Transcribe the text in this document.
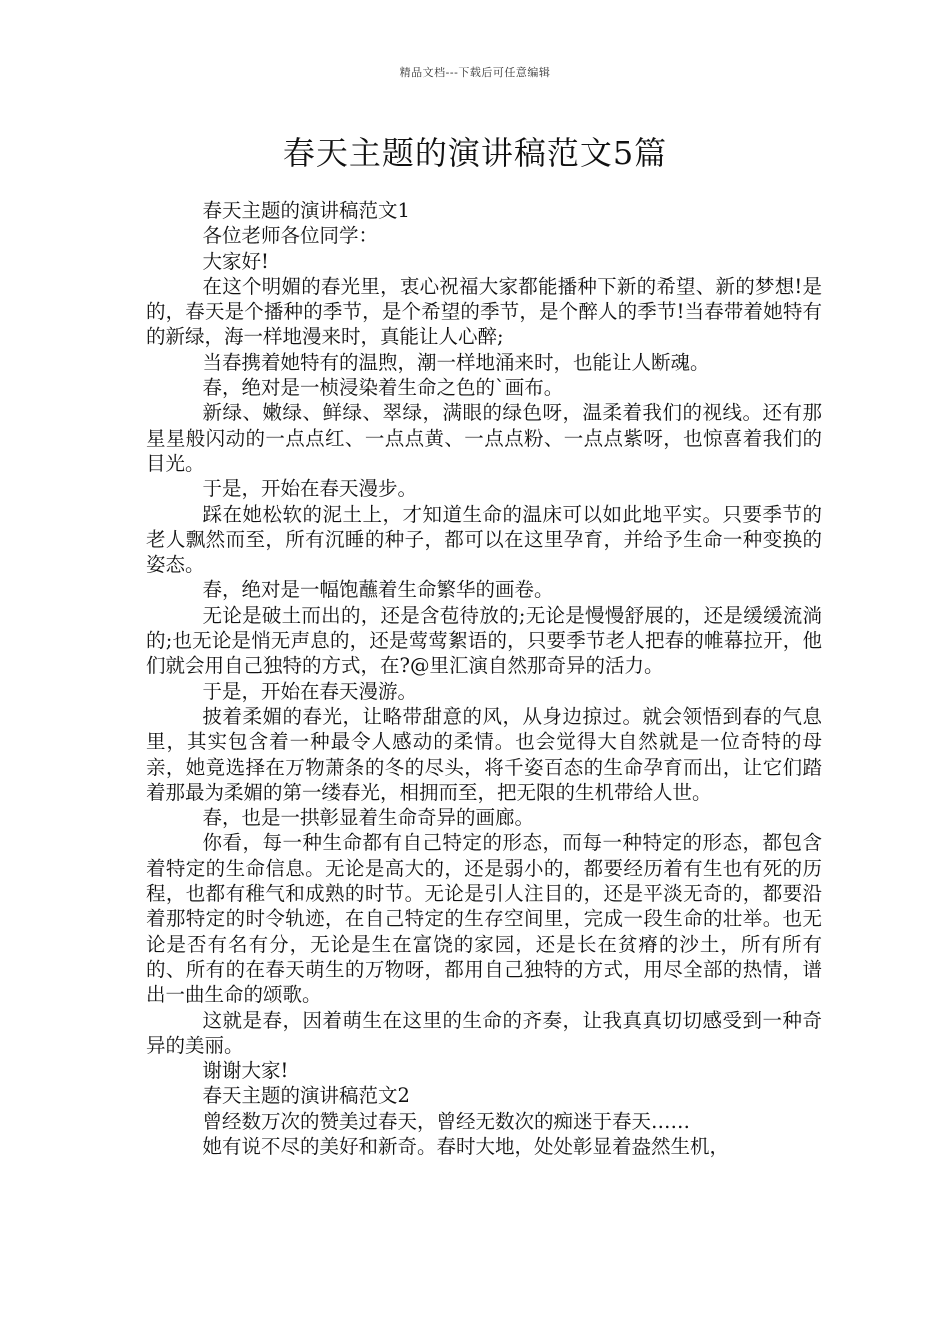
精品文档---下载后可任意编辑
春天主题的演讲稿范文5篇

春天主题的演讲稿范文1

各位老师各位同学：

大家好!

在这个明媚的春光里，衷心祝福大家都能播种下新的希望、新的梦想!是的，春天是个播种的季节，是个希望的季节，是个醉人的季节!当春带着她特有的新绿，海一样地漫来时，真能让人心醉;

当春携着她特有的温煦，潮一样地涌来时，也能让人断魂。

春，绝对是一桢浸染着生命之色的`画布。

新绿、嫩绿、鲜绿、翠绿，满眼的绿色呀，温柔着我们的视线。还有那星星般闪动的一点点红、一点点黄、一点点粉、一点点紫呀，也惊喜着我们的目光。

于是，开始在春天漫步。

踩在她松软的泥土上，才知道生命的温床可以如此地平实。只要季节的老人飘然而至，所有沉睡的种子，都可以在这里孕育，并给予生命一种变换的姿态。

春，绝对是一幅饱蘸着生命繁华的画卷。

无论是破土而出的，还是含苞待放的;无论是慢慢舒展的，还是缓缓流淌的;也无论是悄无声息的，还是莺莺絮语的，只要季节老人把春的帷幕拉开，他们就会用自己独特的方式，在?@里汇演自然那奇异的活力。

于是，开始在春天漫游。

披着柔媚的春光，让略带甜意的风，从身边掠过。就会领悟到春的气息里，其实包含着一种最令人感动的柔情。也会觉得大自然就是一位奇特的母亲，她竟选择在万物萧条的冬的尽头，将千姿百态的生命孕育而出，让它们踏着那最为柔媚的第一缕春光，相拥而至，把无限的生机带给人世。

春，也是一拱彰显着生命奇异的画廊。

你看，每一种生命都有自己特定的形态，而每一种特定的形态，都包含着特定的生命信息。无论是高大的，还是弱小的，都要经历着有生也有死的历程，也都有稚气和成熟的时节。无论是引人注目的，还是平淡无奇的，都要沿着那特定的时令轨迹，在自己特定的生存空间里，完成一段生命的壮举。也无论是否有名有分，无论是生在富饶的家园，还是长在贫瘠的沙土，所有所有的、所有的在春天萌生的万物呀，都用自己独特的方式，用尽全部的热情，谱出一曲生命的颂歌。

这就是春，因着萌生在这里的生命的齐奏，让我真真切切感受到一种奇异的美丽。

谢谢大家!

春天主题的演讲稿范文2

曾经数万次的赞美过春天，曾经无数次的痴迷于春天……

她有说不尽的美好和新奇。春时大地，处处彰显着盎然生机，
